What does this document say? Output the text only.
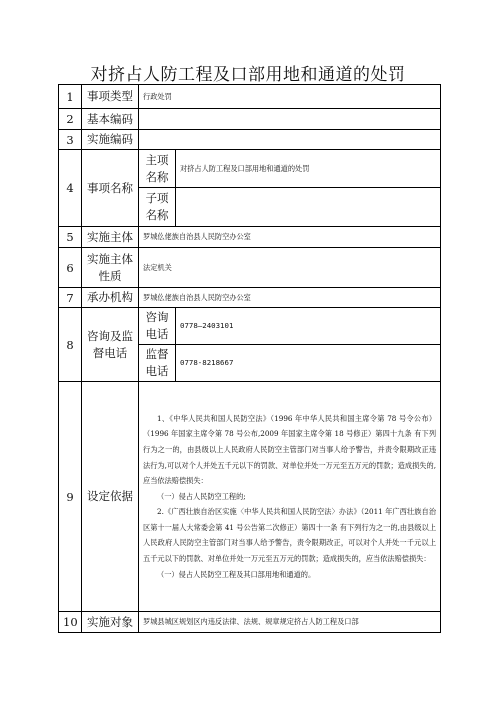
对挤占人防工程及口部用地和通道的处罚
1	事项类型	行政处罚	
2	基本编码		
3	实施编码		
4	事项名称	主项名称	对挤占人防工程及口部用地和通道的处罚
		子项名称	
5	实施主体	罗城仫佬族自治县人民防空办公室	
6	实施主体性质	法定机关	
7	承办机构	罗城仫佬族自治县人民防空办公室	
8	咨询及监督电话	咨询电话	0778—2403101
		监督电话	0778-8218667
9	设定依据	1、《中华人民共和国人民防空法》（1996 年中华人民共和国主席令第 78 号令公布）（1996 年国家主席令第 78 号公布,2009 年国家主席令第 18 号修正）第四十九条 有下列行为之一的，由县级以上人民政府人民防空主管部门对当事人给予警告，并责令限期改正违法行为,可以对个人并处五千元以下的罚款、对单位并处一万元至五万元的罚款；造成损失的,应当依法赔偿损失：

（一）侵占人民防空工程的;

2.《广西壮族自治区实施〈中华人民共和国人民防空法〉办法》（2011 年广西壮族自治区第十一届人大常委会第 41 号公告第二次修正）第四十一条 有下列行为之一的,由县级以上人民政府人民防空主管部门对当事人给予警告，责令限期改正，可以对个人并处一千元以上五千元以下的罚款、对单位并处一万元至五万元的罚款；造成损失的，应当依法赔偿损失：

（一）侵占人民防空工程及其口部用地和通道的。	

10	实施对象	罗城县城区规划区内违反法律、法规、规章规定挤占人防工程及口部	
